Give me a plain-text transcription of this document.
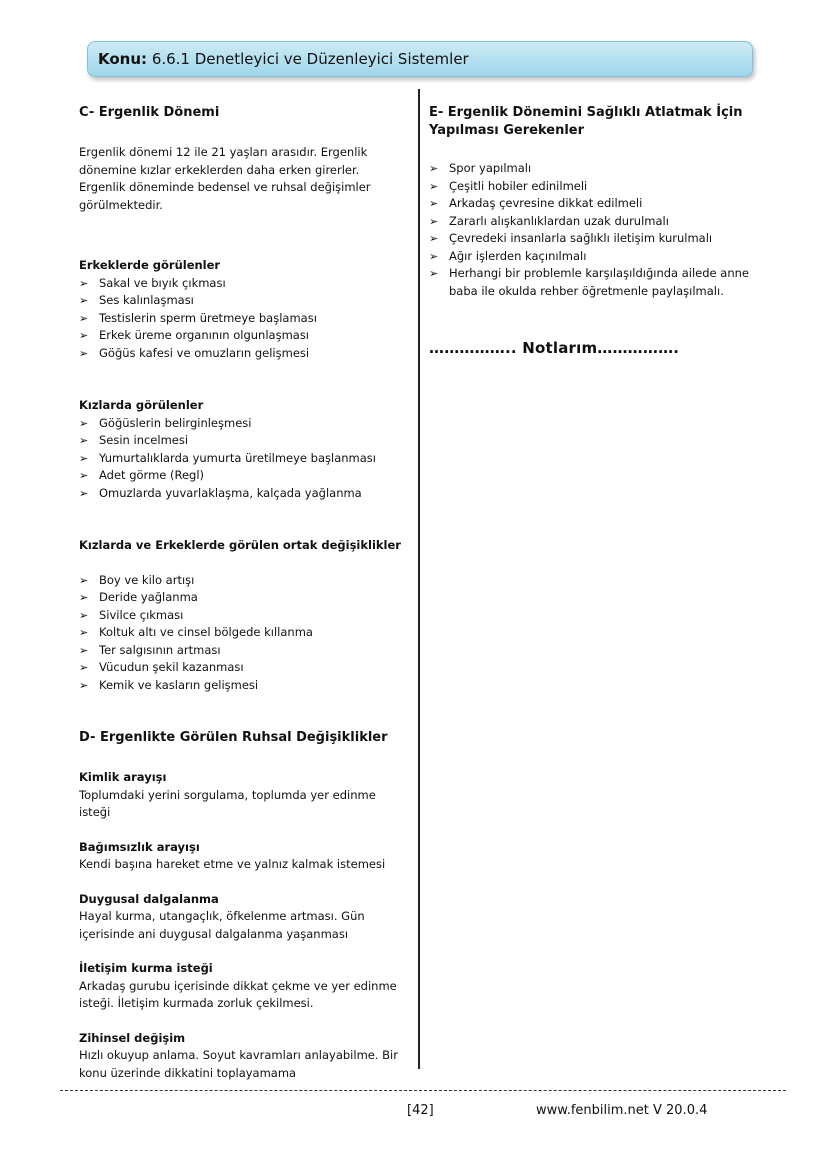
Konu: 6.6.1 Denetleyici ve Düzenleyici Sistemler
C- Ergenlik Dönemi

Ergenlik dönemi 12 ile 21 yaşları arasıdır. Ergenlik dönemine kızlar erkeklerden daha erken girerler. Ergenlik döneminde bedensel ve ruhsal değişimler görülmektedir.

Erkeklerde görülenler
➢ Sakal ve bıyık çıkması
➢ Ses kalınlaşması
➢ Testislerin sperm üretmeye başlaması
➢ Erkek üreme organının olgunlaşması
➢ Göğüs kafesi ve omuzların gelişmesi
Kızlarda görülenler
➢ Göğüslerin belirginleşmesi
➢ Sesin incelmesi
➢ Yumurtalıklarda yumurta üretilmeye başlanması
➢ Adet görme (Regl)
➢ Omuzlarda yuvarlaklaşma, kalçada yağlanma
Kızlarda ve Erkeklerde görülen ortak değişiklikler
➢ Boy ve kilo artışı
➢ Deride yağlanma
➢ Sivilce çıkması
➢ Koltuk altı ve cinsel bölgede kıllanma
➢ Ter salgısının artması
➢ Vücudun şekil kazanması
➢ Kemik ve kasların gelişmesi
D- Ergenlikte Görülen Ruhsal Değişiklikler
Kimlik arayışı

Toplumdaki yerini sorgulama, toplumda yer edinme isteği

Bağımsızlık arayışı

Kendi başına hareket etme ve yalnız kalmak istemesi

Duygusal dalgalanma

Hayal kurma, utangaçlık, öfkelenme artması. Gün içerisinde ani duygusal dalgalanma yaşanması

İletişim kurma isteği

Arkadaş gurubu içerisinde dikkat çekme ve yer edinme isteği. İletişim kurmada zorluk çekilmesi.

Zihinsel değişim

Hızlı okuyup anlama. Soyut kavramları anlayabilme. Bir konu üzerinde dikkatini toplayamama

E- Ergenlik Dönemini Sağlıklı Atlatmak İçin Yapılması Gerekenler
➢ Spor yapılmalı
➢ Çeşitli hobiler edinilmeli
➢ Arkadaş çevresine dikkat edilmeli
➢ Zararlı alışkanlıklardan uzak durulmalı
➢ Çevredeki insanlarla sağlıklı iletişim kurulmalı
➢ Ağır işlerden kaçınılmalı
➢ Herhangi bir problemle karşılaşıldığında ailede anne baba ile okulda rehber öğretmenle paylaşılmalı.
…………….. Notlarım…………….
[42]	www.fenbilim.net V 20.0.4
